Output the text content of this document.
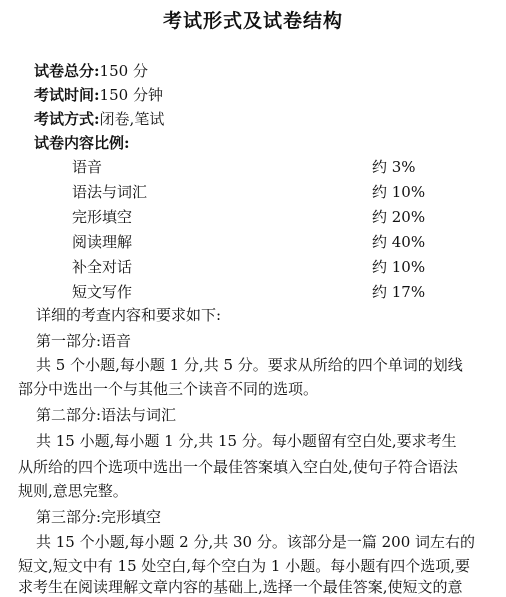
考试形式及试卷结构
试卷总分:150 分
考试时间:150 分钟
考试方式:闭卷,笔试
试卷内容比例:
语音	约 3%
语法与词汇	约 10%
完形填空	约 20%
阅读理解	约 40%
补全对话	约 10%
短文写作	约 17%
详细的考查内容和要求如下:
第一部分:语音
共 5 个小题,每小题 1 分,共 5 分。要求从所给的四个单词的划线
部分中选出一个与其他三个读音不同的选项。
第二部分:语法与词汇
共 15 小题,每小题 1 分,共 15 分。每小题留有空白处,要求考生
从所给的四个选项中选出一个最佳答案填入空白处,使句子符合语法
规则,意思完整。
第三部分:完形填空
共 15 个小题,每小题 2 分,共 30 分。该部分是一篇 200 词左右的
短文,短文中有 15 处空白,每个空白为 1 小题。每小题有四个选项,要
求考生在阅读理解文章内容的基础上,选择一个最佳答案,使短文的意
